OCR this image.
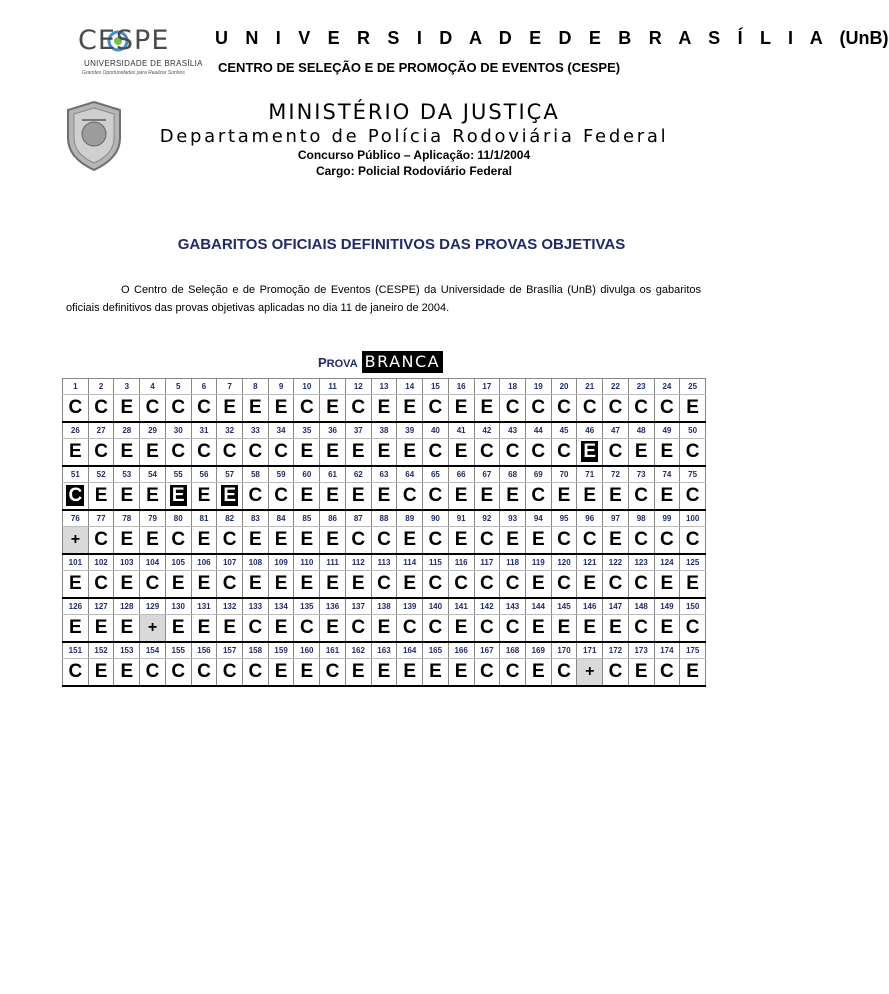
CESPE
UNIVERSIDADE DE BRASÍLIA
Grandes Oportunidades para Realizar Sonhos
U N I V E R S I D A D E D E B R A S Í L I A (UnB)
CENTRO DE SELEÇÃO E DE PROMOÇÃO DE EVENTOS (CESPE)
MINISTÉRIO DA JUSTIÇA
Departamento de Polícia Rodoviária Federal
Concurso Público – Aplicação: 11/1/2004
Cargo: Policial Rodoviário Federal
GABARITOS OFICIAIS DEFINITIVOS DAS PROVAS OBJETIVAS
O Centro de Seleção e de Promoção de Eventos (CESPE) da Universidade de Brasília (UnB) divulga os gabaritos oficiais definitivos das provas objetivas aplicadas no dia 11 de janeiro de 2004.
PROVA BRANCA
1	2	3	4	5	6	7	8	9	10	11	12	13	14	15	16	17	18	19	20	21	22	23	24	25
C	C	E	C	C	C	E	E	E	C	E	C	E	E	C	E	E	C	C	C	C	C	C	C	E
26	27	28	29	30	31	32	33	34	35	36	37	38	39	40	41	42	43	44	45	46	47	48	49	50
E	C	E	E	C	C	C	C	C	E	E	E	E	E	C	E	C	C	C	C	E	C	E	E	C
51	52	53	54	55	56	57	58	59	60	61	62	63	64	65	66	67	68	69	70	71	72	73	74	75
C	E	E	E	E	E	E	C	C	E	E	E	E	C	C	E	E	E	C	E	E	E	C	E	C
76	77	78	79	80	81	82	83	84	85	86	87	88	89	90	91	92	93	94	95	96	97	98	99	100
+	C	E	E	C	E	C	E	E	E	E	C	C	E	C	E	C	E	E	C	C	E	C	C	C
101	102	103	104	105	106	107	108	109	110	111	112	113	114	115	116	117	118	119	120	121	122	123	124	125
E	C	E	C	E	E	C	E	E	E	E	E	C	E	C	C	C	C	E	C	E	C	C	E	E
126	127	128	129	130	131	132	133	134	135	136	137	138	139	140	141	142	143	144	145	146	147	148	149	150
E	E	E	+	E	E	E	C	E	C	E	C	E	C	C	E	C	C	E	E	E	E	C	E	C
151	152	153	154	155	156	157	158	159	160	161	162	163	164	165	166	167	168	169	170	171	172	173	174	175
C	E	E	C	C	C	C	C	E	E	C	E	E	E	E	E	C	C	E	C	+	C	E	C	E
